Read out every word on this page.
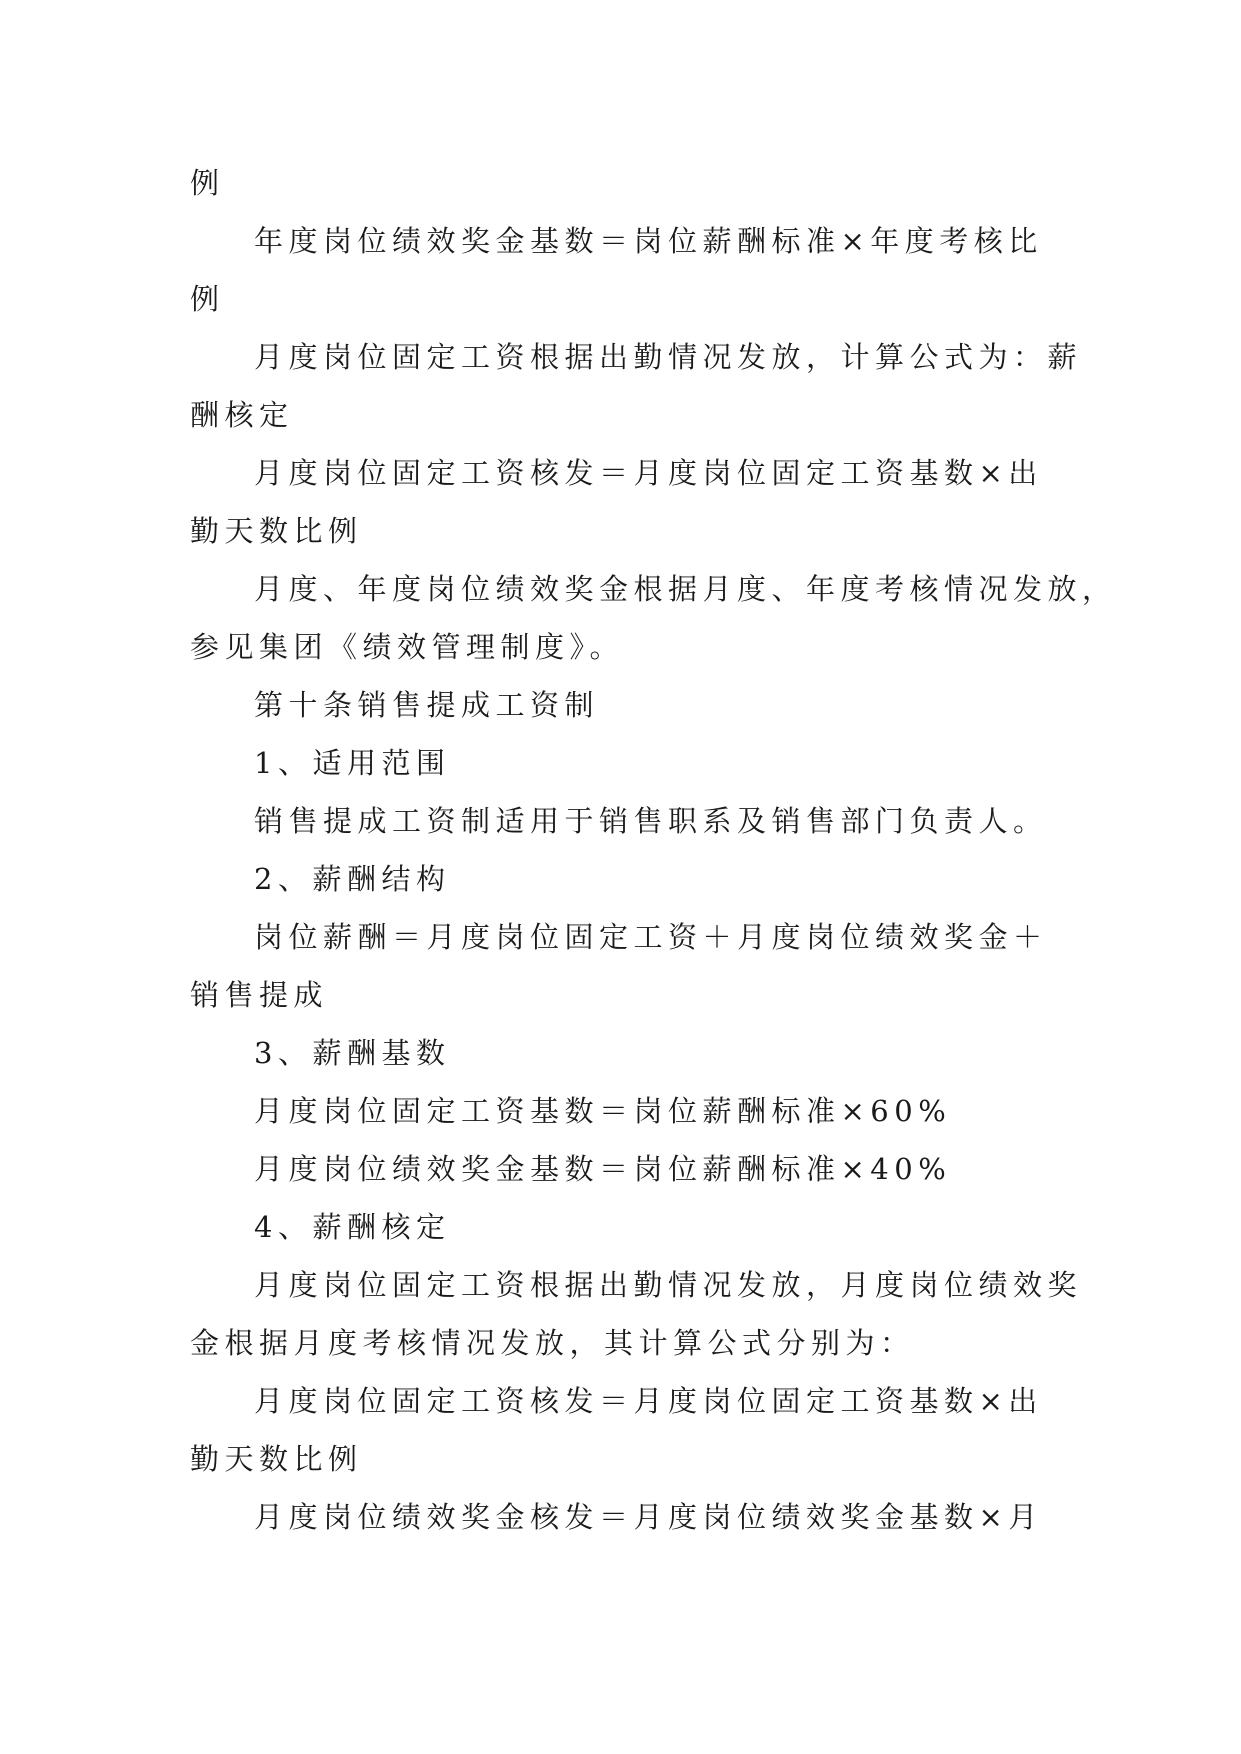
例
年度岗位绩效奖金基数＝岗位薪酬标准×年度考核比
例
月度岗位固定工资根据出勤情况发放，计算公式为：薪
酬核定
月度岗位固定工资核发＝月度岗位固定工资基数×出
勤天数比例
月度、年度岗位绩效奖金根据月度、年度考核情况发放，
参见集团《绩效管理制度》。
第十条销售提成工资制
1、适用范围
销售提成工资制适用于销售职系及销售部门负责人。
2、薪酬结构
岗位薪酬＝月度岗位固定工资＋月度岗位绩效奖金＋
销售提成
3、薪酬基数
月度岗位固定工资基数＝岗位薪酬标准×60%
月度岗位绩效奖金基数＝岗位薪酬标准×40%
4、薪酬核定
月度岗位固定工资根据出勤情况发放，月度岗位绩效奖
金根据月度考核情况发放，其计算公式分别为：
月度岗位固定工资核发＝月度岗位固定工资基数×出
勤天数比例
月度岗位绩效奖金核发＝月度岗位绩效奖金基数×月
